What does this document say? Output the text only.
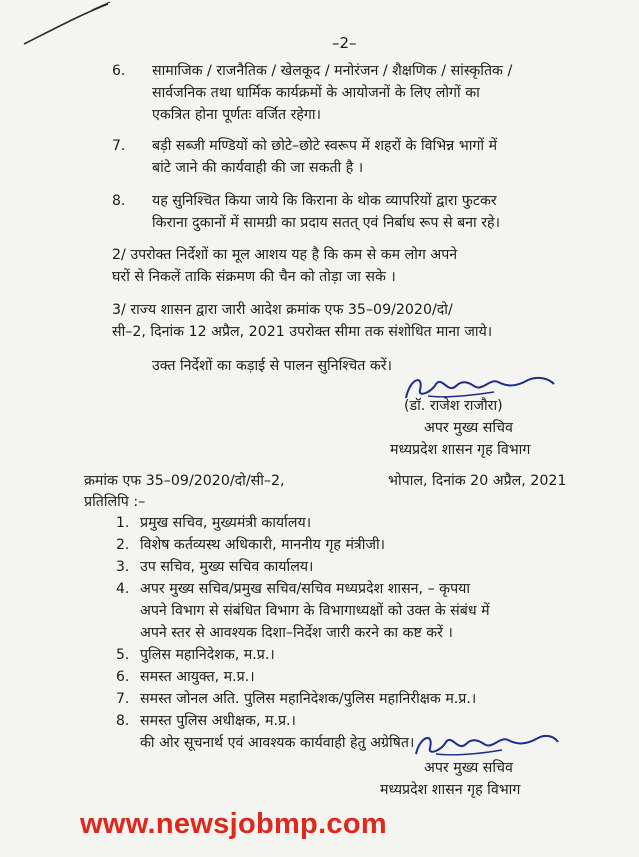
–2–
6. सामाजिक / राजनैतिक / खेलकूद / मनोरंजन / शैक्षणिक / सांस्कृतिक /
सार्वजनिक तथा धार्मिक कार्यक्रमों के आयोजनों के लिए लोगों का
एकत्रित होना पूर्णतः वर्जित रहेगा।
7. बड़ी सब्जी मण्डियों को छोटे–छोटे स्वरूप में शहरों के विभिन्न भागों में
बांटे जाने की कार्यवाही की जा सकती है ।
8. यह सुनिश्चित किया जाये कि किराना के थोक व्यापरियों द्वारा फुटकर
किराना दुकानों में सामग्री का प्रदाय सतत् एवं निर्बाध रूप से बना रहे।
2/ उपरोक्त निर्देशों का मूल आशय यह है कि कम से कम लोग अपने
घरों से निकलें ताकि संक्रमण की चैन को तोड़ा जा सके ।
3/ राज्य शासन द्वारा जारी आदेश क्रमांक एफ 35–09/2020/दो/
सी–2, दिनांक 12 अप्रैल, 2021 उपरोक्त सीमा तक संशोधित माना जाये।
उक्त निर्देशों का कड़ाई से पालन सुनिश्चित करें।
(डॉ. राजेश राजौरा)
अपर मुख्य सचिव
मध्यप्रदेश शासन गृह विभाग
क्रमांक एफ 35–09/2020/दो/सी–2,	भोपाल, दिनांक 20 अप्रैल, 2021
प्रतिलिपि :–
1. प्रमुख सचिव, मुख्यमंत्री कार्यालय।
2. विशेष कर्तव्यस्थ अधिकारी, माननीय गृह मंत्रीजी।
3. उप सचिव, मुख्य सचिव कार्यालय।
4. अपर मुख्य सचिव/प्रमुख सचिव/सचिव मध्यप्रदेश शासन, – कृपया
अपने विभाग से संबंधित विभाग के विभागाध्यक्षों को उक्त के संबंध में
अपने स्तर से आवश्यक दिशा–निर्देश जारी करने का कष्ट करें ।
5. पुलिस महानिदेशक, म.प्र.।
6. समस्त आयुक्त, म.प्र.।
7. समस्त जोनल अति. पुलिस महानिदेशक/पुलिस महानिरीक्षक म.प्र.।
8. समस्त पुलिस अधीक्षक, म.प्र.।
की ओर सूचनार्थ एवं आवश्यक कार्यवाही हेतु अग्रेषित।
अपर मुख्य सचिव
मध्यप्रदेश शासन गृह विभाग
www.newsjobmp.com
